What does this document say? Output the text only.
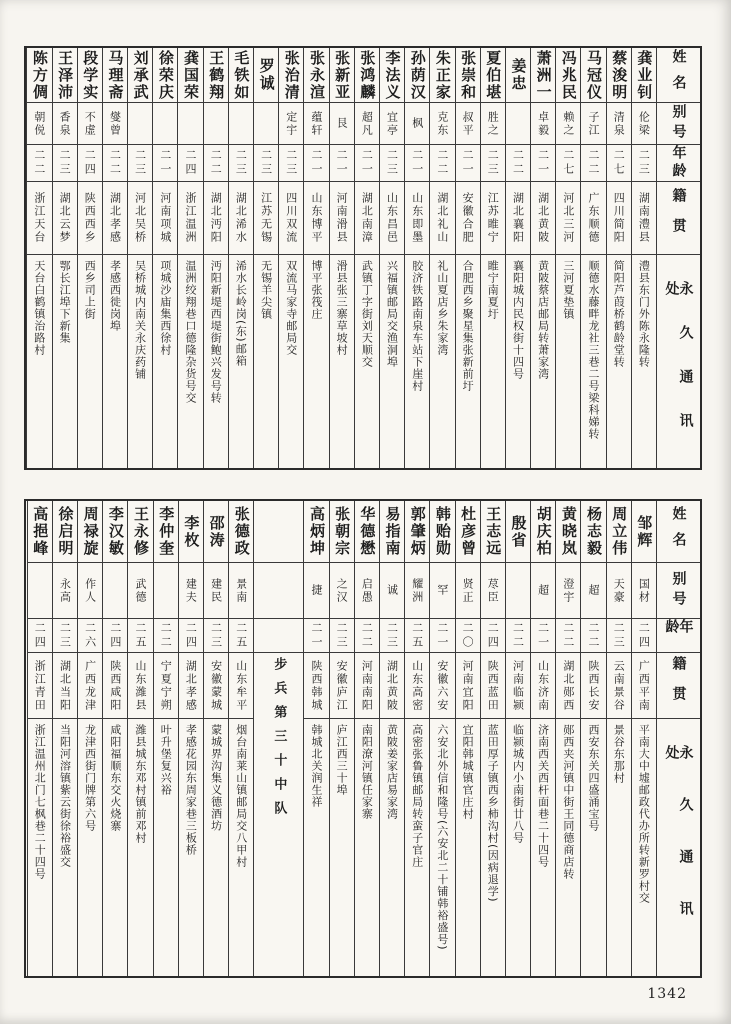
姓名
别号
年龄
籍贯
永久通讯处
龚业钊
伦梁
二三
湖南澧县
澧县东门外陈永隆转
蔡浚明
清泉
二七
四川简阳
简阳芦葭桥鹤龄堂转
马冠仪
子江
二二
广东顺德
顺德水藤畔龙社三巷二号梁科娣转
冯兆民
赖之
二七
河北三河
三河夏垫镇
萧洲一
卓毅
二一
湖北黄陂
黄陂蔡店邮局转萧家湾
姜忠
二二
湖北襄阳
襄阳城内民权街十四号
夏伯堪
胜之
二三
江苏睢宁
睢宁南夏圩
张崇和
叔平
二一
安徽合肥
合肥西乡聚星集张新前圩
朱正家
克东
二二
湖北礼山
礼山夏店乡朱家湾
孙荫汉
枫
二一
山东即墨
胶济铁路南泉车站下崖村
李法义
宜亭
二三
山东昌邑
兴福镇邮局交渔洞埠
张鸿麟
超凡
二一
湖北南漳
武镇丁字街刘天顺交
张新亚
艮
二一
河南滑县
滑县张三寨草坡村
张永渲
蕴轩
二一
山东博平
博平张筏庄
张治清
定宇
二三
四川双流
双流马家寺邮局交
罗诚
二三
江苏无锡
无锡羊尖镇
毛铁如
二三
湖北浠水
浠水长岭岗(东)邮箱
王鹤翔
二二
湖北沔阳
沔阳新堤西堤街鲍兴发号转
龚国荣
二四
浙江温洲
温洲绞翔巷口德隆杂货号交
徐荣庆
二一
河南项城
项城沙庙集西徐村
刘承武
二三
河北吴桥
吴桥城内南关永庆药铺
马理斋
燮曾
二二
湖北孝感
孝感西徙岗埠
段学实
不虚
二四
陕西西乡
西乡司上街
王泽沛
香泉
二三
湖北云梦
鄂长江埠下新集
陈方倜
朝侻
二二
浙江天台
天台白鹤镇治路村
姓名
别号
年龄
籍贯
永久通讯处
邹辉
国材
二四
广西平南
平南大中墟邮政代办所转新罗村交
周立伟
天豪
二三
云南景谷
景谷东那村
杨志毅
超
二二
陕西长安
西安东关四盛涌宝号
黄晓岚
澄宇
二二
湖北郧西
郧西夹河镇中街王同德商店转
胡庆柏
超
二一
山东济南
济南西关西杆面巷二十四号
殷省
二二
河南临颍
临颍城内小南街廿八号
王志远
荩臣
二四
陕西蓝田
蓝田厚子镇西乡柿沟村(因病退学)
杜彦曾
贤正
二〇
河南宜阳
宜阳韩城镇官庄村
韩贻勋
罕
二一
安徽六安
六安北外信和隆号(六安北二十铺韩裕盛号)
郭肇炳
耀洲
二五
山东高密
高密张鲁镇邮局转蛮子官庄
易指南
诚
二三
湖北黄陂
黄陂姜家店易家湾
华德懋
启愚
二二
河南南阳
南阳潦河镇任家寨
张朝宗
之汉
二三
安徽庐江
庐江西三十埠
高炳坤
捷
二一
陕西韩城
韩城北关润生祥
步兵第三十中队
张德政
景南
二五
山东牟平
烟台南莱山镇邮局交八甲村
邵涛
建民
二三
安徽蒙城
蒙城界沟集义德酒坊
李枚
建夫
二四
湖北孝感
孝感花园东周家巷三板桥
李仲奎
二二
宁夏宁朔
叶升堡复兴裕
王永修
武德
二五
山东潍县
潍县城东邓村镇前邓村
李汉敏
二四
陕西咸阳
咸阳福顺东交火烧寨
周禄旋
作人
二六
广西龙津
龙津西街门牌第六号
徐启明
永高
二三
湖北当阳
当阳河溶镇紫云街徐裕盛交
高挹峰
二四
浙江青田
浙江温州北门七枫巷二十四号
1342
